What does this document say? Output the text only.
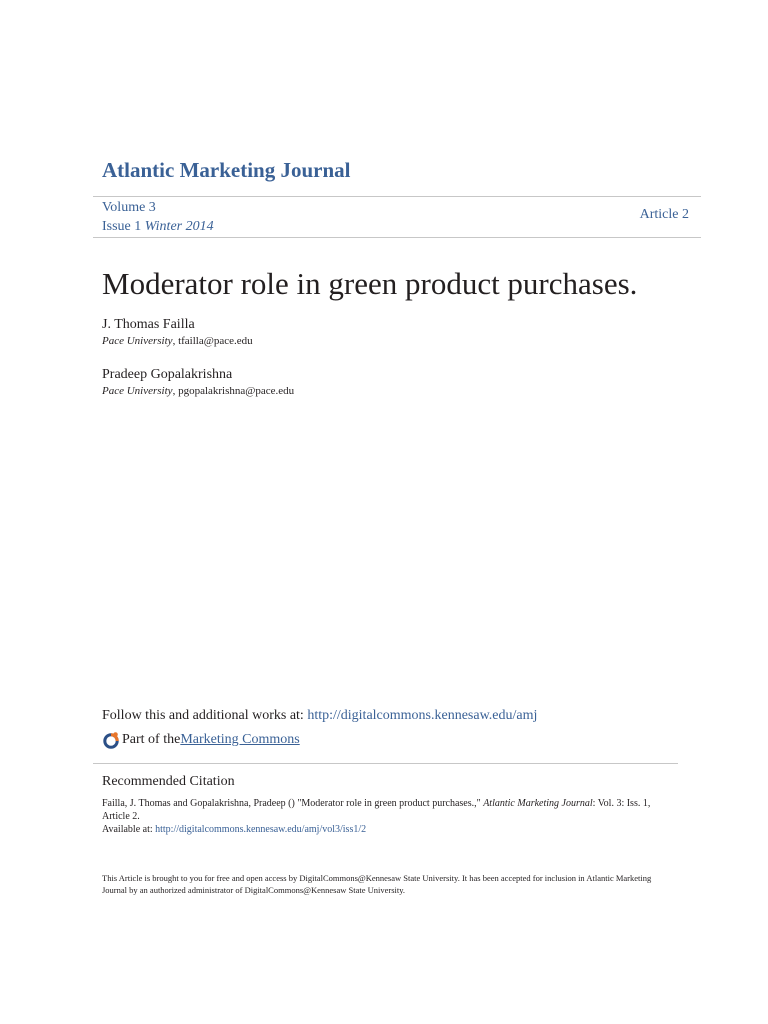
Atlantic Marketing Journal
Volume 3
Issue 1 Winter 2014
Article 2
Moderator role in green product purchases.
J. Thomas Failla
Pace University, tfailla@pace.edu
Pradeep Gopalakrishna
Pace University, pgopalakrishna@pace.edu
Follow this and additional works at: http://digitalcommons.kennesaw.edu/amj
Part of the Marketing Commons
Recommended Citation
Failla, J. Thomas and Gopalakrishna, Pradeep () "Moderator role in green product purchases.," Atlantic Marketing Journal: Vol. 3: Iss. 1, Article 2.
Available at: http://digitalcommons.kennesaw.edu/amj/vol3/iss1/2
This Article is brought to you for free and open access by DigitalCommons@Kennesaw State University. It has been accepted for inclusion in Atlantic Marketing Journal by an authorized administrator of DigitalCommons@Kennesaw State University.
